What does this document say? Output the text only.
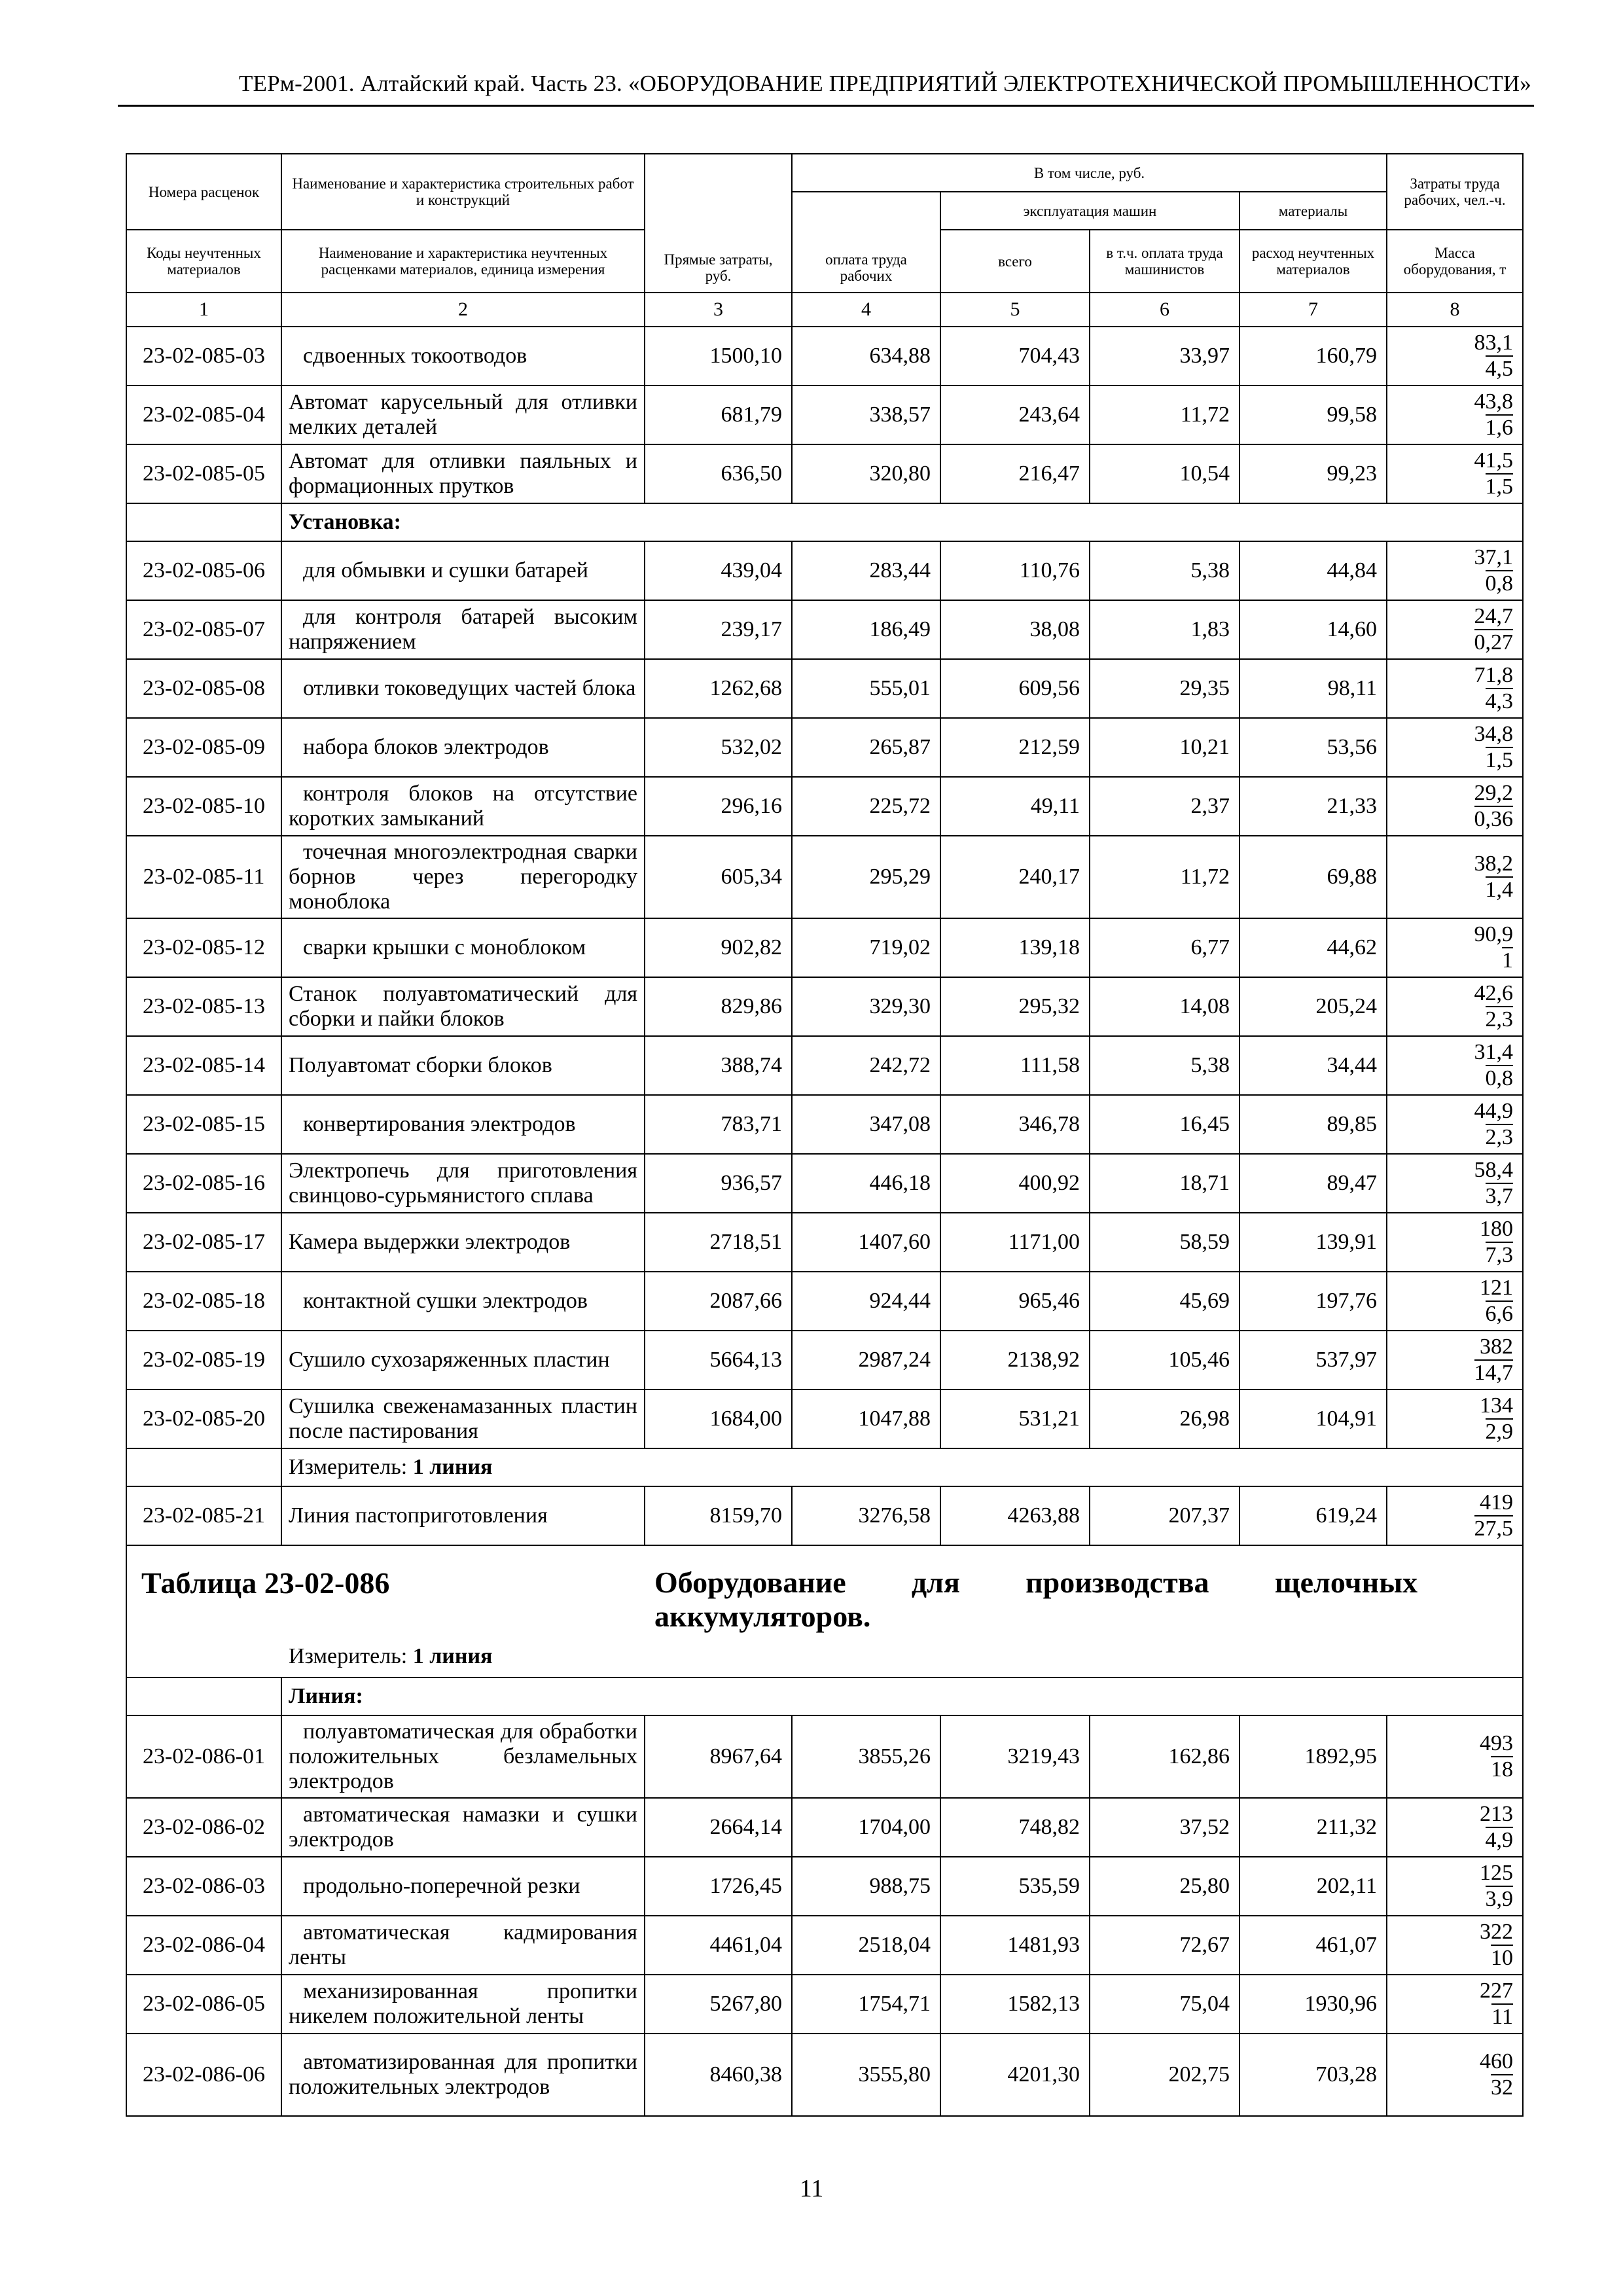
ТЕРм-2001. Алтайский край. Часть 23. «ОБОРУДОВАНИЕ ПРЕДПРИЯТИЙ ЭЛЕКТРОТЕХНИЧЕСКОЙ ПРОМЫШЛЕННОСТИ»
Номера расценок	Наименование и характеристика строительных работ и конструкций	Прямые затраты, руб.	В том числе, руб.				Затраты труда рабочих, чел.-ч.
			оплата труда рабочих	эксплуатация машин		материалы	
Коды неучтенных материалов	Наименование и характеристика неучтенных расценками материалов, единица измерения			всего	в т.ч. оплата труда машинистов	расход неучтенных материалов	Масса оборудования, т
1	2	3	4	5	6	7	8
23-02-085-03	сдвоенных токоотводов	1500,10	634,88	704,43	33,97	160,79	$\frac{83,1}{4,5}$

23-02-085-04	Автомат карусельный для отливки мелких деталей	681,79	338,57	243,64	11,72	99,58	$\frac{43,8}{1,6}$

23-02-085-05	Автомат для отливки паяльных и формационных прутков	636,50	320,80	216,47	10,54	99,23	$\frac{41,5}{1,5}$

	Установка:						
23-02-085-06	для обмывки и сушки батарей	439,04	283,44	110,76	5,38	44,84	$\frac{37,1}{0,8}$

23-02-085-07	для контроля батарей высоким напряжением	239,17	186,49	38,08	1,83	14,60	$\frac{24,7}{0,27}$

23-02-085-08	отливки токоведущих частей блока	1262,68	555,01	609,56	29,35	98,11	$\frac{71,8}{4,3}$

23-02-085-09	набора блоков электродов	532,02	265,87	212,59	10,21	53,56	$\frac{34,8}{1,5}$

23-02-085-10	контроля блоков на отсутствие коротких замыканий	296,16	225,72	49,11	2,37	21,33	$\frac{29,2}{0,36}$

23-02-085-11	точечная многоэлектродная сварки борнов через перегородку моноблока	605,34	295,29	240,17	11,72	69,88	$\frac{38,2}{1,4}$

23-02-085-12	сварки крышки с моноблоком	902,82	719,02	139,18	6,77	44,62	$\frac{90,9}{1}$

23-02-085-13	Станок полуавтоматический для сборки и пайки блоков	829,86	329,30	295,32	14,08	205,24	$\frac{42,6}{2,3}$

23-02-085-14	Полуавтомат сборки блоков	388,74	242,72	111,58	5,38	34,44	$\frac{31,4}{0,8}$

23-02-085-15	конвертирования электродов	783,71	347,08	346,78	16,45	89,85	$\frac{44,9}{2,3}$

23-02-085-16	Электропечь для приготовления свинцово-сурьмянистого сплава	936,57	446,18	400,92	18,71	89,47	$\frac{58,4}{3,7}$

23-02-085-17	Камера выдержки электродов	2718,51	1407,60	1171,00	58,59	139,91	$\frac{180}{7,3}$

23-02-085-18	контактной сушки электродов	2087,66	924,44	965,46	45,69	197,76	$\frac{121}{6,6}$

23-02-085-19	Сушило сухозаряженных пластин	5664,13	2987,24	2138,92	105,46	537,97	$\frac{382}{14,7}$

23-02-085-20	Сушилка свеженамазанных пластин после пастирования	1684,00	1047,88	531,21	26,98	104,91	$\frac{134}{2,9}$

	Измеритель: 1 линия						
23-02-085-21	Линия пастоприготовления	8159,70	3276,58	4263,88	207,37	619,24	$\frac{419}{27,5}$

Таблица 23-02-086 Оборудование для производства щелочных аккумуляторов.
Измеритель: 1 линия							

	Линия:						
23-02-086-01	полуавтоматическая для обработки положительных безламельных электродов	8967,64	3855,26	3219,43	162,86	1892,95	$\frac{493}{18}$

23-02-086-02	автоматическая намазки и сушки электродов	2664,14	1704,00	748,82	37,52	211,32	$\frac{213}{4,9}$

23-02-086-03	продольно-поперечной резки	1726,45	988,75	535,59	25,80	202,11	$\frac{125}{3,9}$

23-02-086-04	автоматическая кадмирования ленты	4461,04	2518,04	1481,93	72,67	461,07	$\frac{322}{10}$

23-02-086-05	механизированная пропитки никелем положительной ленты	5267,80	1754,71	1582,13	75,04	1930,96	$\frac{227}{11}$

23-02-086-06	автоматизированная для пропитки положительных электродов	8460,38	3555,80	4201,30	202,75	703,28	$\frac{460}{32}$
11
